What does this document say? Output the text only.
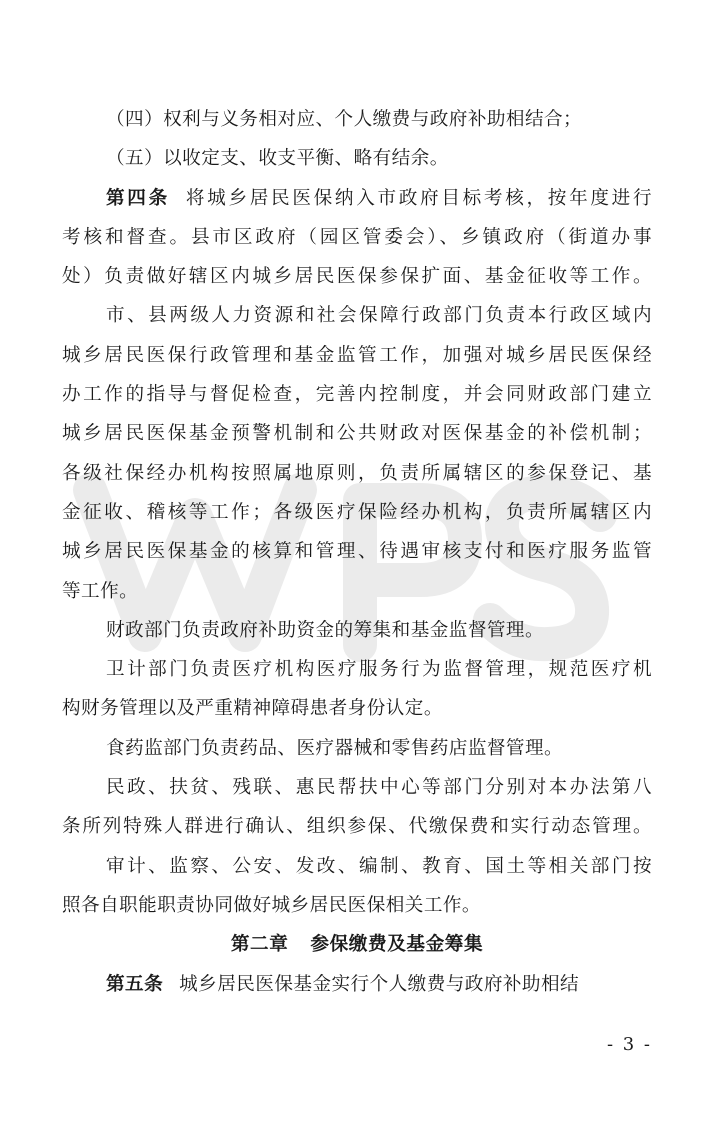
（四）权利与义务相对应、个人缴费与政府补助相结合；
（五）以收定支、收支平衡、略有结余。
第四条 将城乡居民医保纳入市政府目标考核，按年度进行
考核和督查。县市区政府（园区管委会）、乡镇政府（街道办事
处）负责做好辖区内城乡居民医保参保扩面、基金征收等工作。
市、县两级人力资源和社会保障行政部门负责本行政区域内
城乡居民医保行政管理和基金监管工作，加强对城乡居民医保经
办工作的指导与督促检查，完善内控制度，并会同财政部门建立
城乡居民医保基金预警机制和公共财政对医保基金的补偿机制；
各级社保经办机构按照属地原则，负责所属辖区的参保登记、基
金征收、稽核等工作；各级医疗保险经办机构，负责所属辖区内
城乡居民医保基金的核算和管理、待遇审核支付和医疗服务监管
等工作。
财政部门负责政府补助资金的筹集和基金监督管理。
卫计部门负责医疗机构医疗服务行为监督管理，规范医疗机
构财务管理以及严重精神障碍患者身份认定。
食药监部门负责药品、医疗器械和零售药店监督管理。
民政、扶贫、残联、惠民帮扶中心等部门分别对本办法第八
条所列特殊人群进行确认、组织参保、代缴保费和实行动态管理。
审计、监察、公安、发改、编制、教育、国土等相关部门按
照各自职能职责协同做好城乡居民医保相关工作。
第二章 参保缴费及基金筹集
第五条 城乡居民医保基金实行个人缴费与政府补助相结
- 3 -
